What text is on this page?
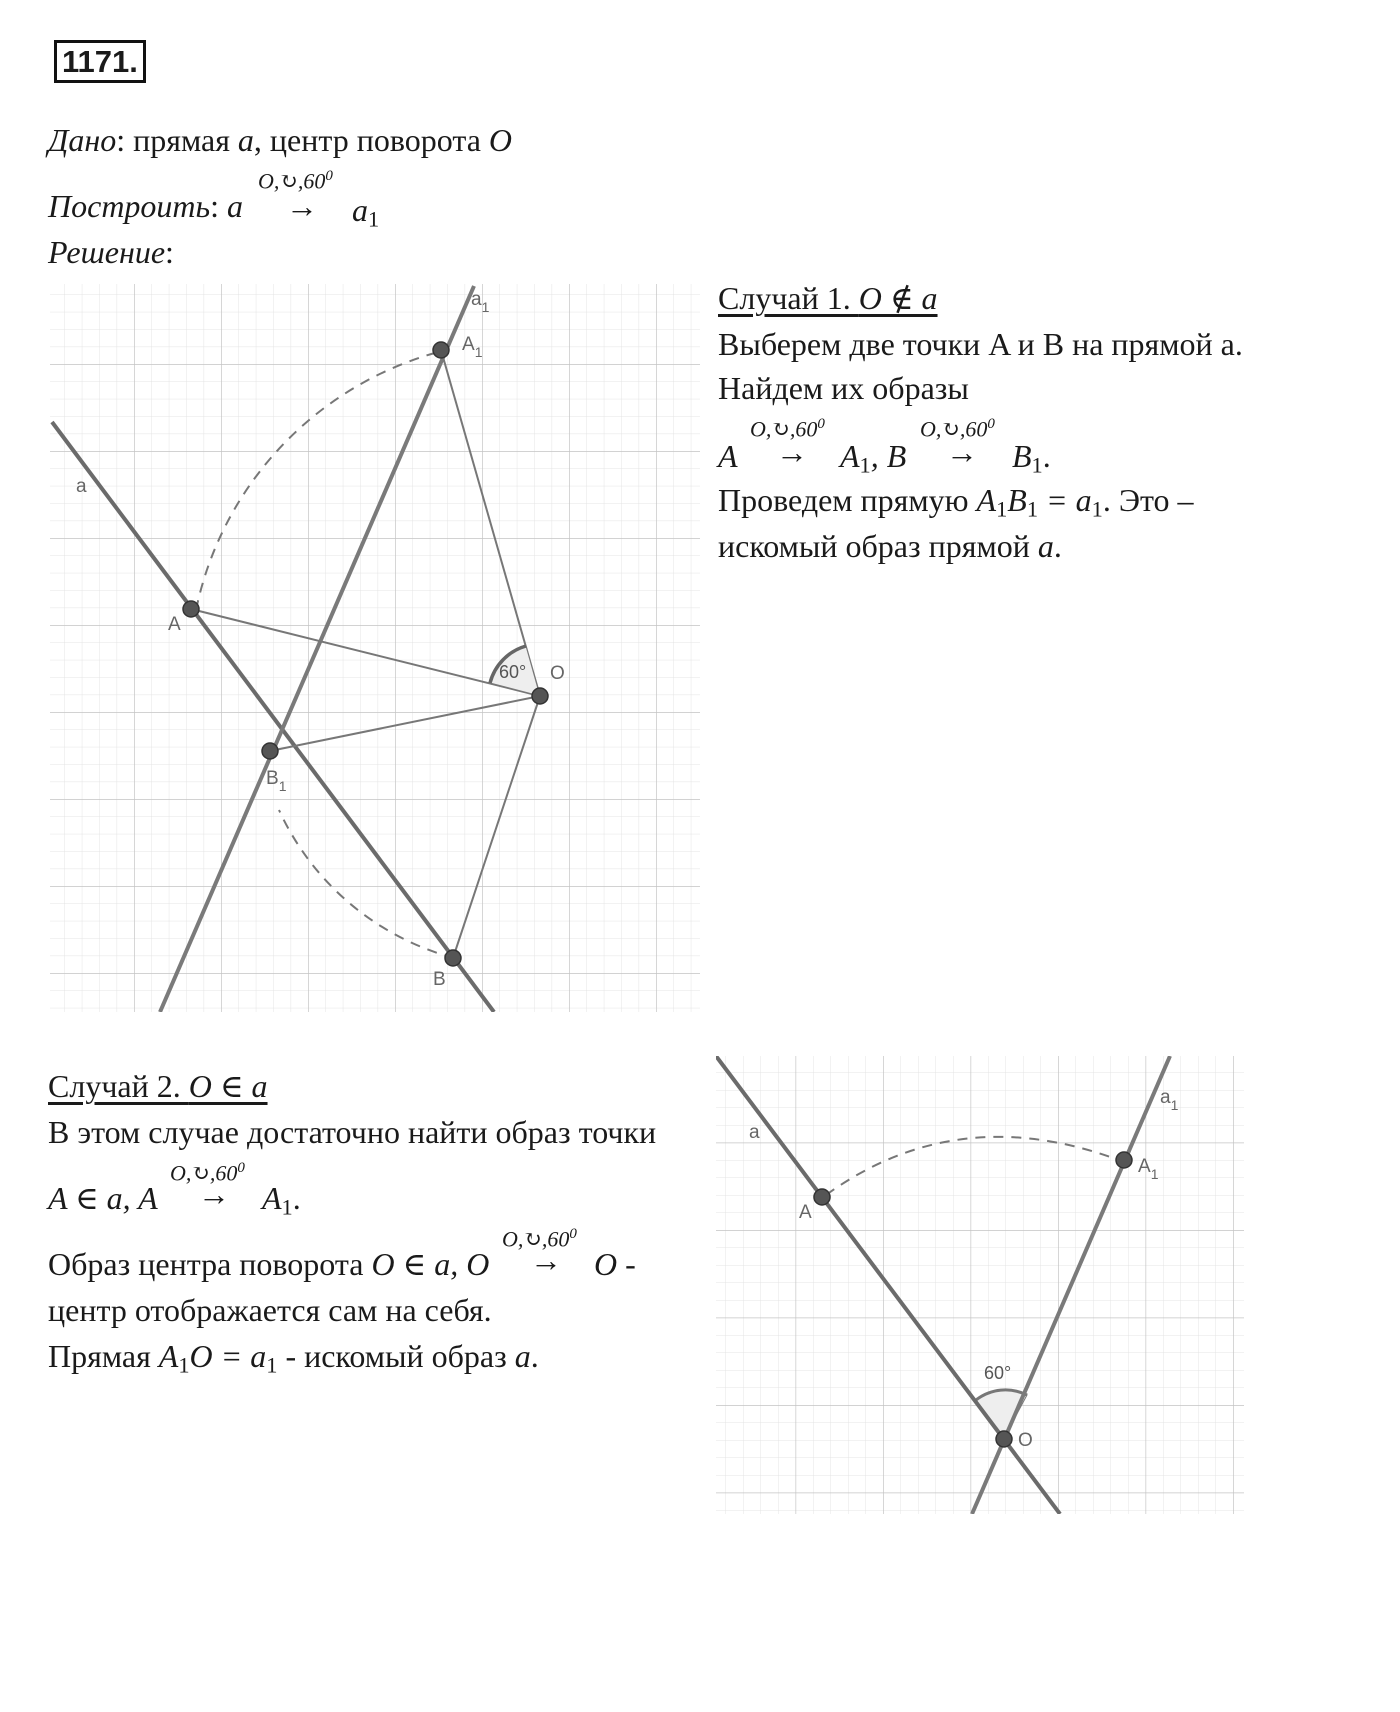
1171.
Дано: прямая a, центр поворота O
Построить: a
$O,↻,60^0$
→ $a_1$
Решение:
60°
a
$a_1$
$A_1$
A
O
$B_1$
B
Случай 1. O ∉ a
Выберем две точки A и B на прямой a.
Найдем их образы
$O,↻,60^0$	$O,↻,60^0$
$A \to A_1$, $B \to B_1$.
Проведем прямую $A_1B_1 = a_1$. Это –
искомый образ прямой a.
Случай 2. O ∈ a
В этом случае достаточно найти образ точки
$O,↻,60^0$
A ∈ a, $A \to A_1$.
$O,↻,60^0$
Образ центра поворота O ∈ a, O → O -
центр отображается сам на себя.
Прямая $A_1O = a_1$ - искомый образ a.	60°
a
$a_1$
A
$A_1$
O
